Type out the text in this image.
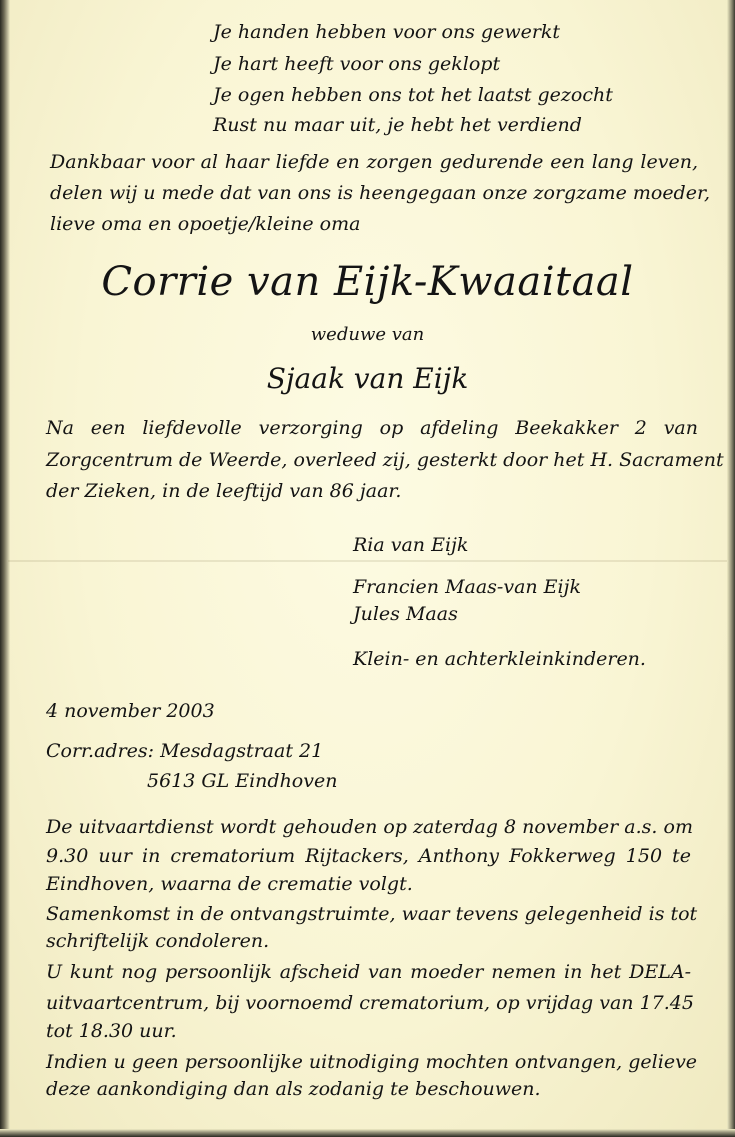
Je handen hebben voor ons gewerkt

Je hart heeft voor ons geklopt

Je ogen hebben ons tot het laatst gezocht

Rust nu maar uit, je hebt het verdiend

Dankbaar voor al haar liefde en zorgen gedurende een lang leven,

delen wij u mede dat van ons is heengegaan onze zorgzame moeder,

lieve oma en opoetje/kleine oma

Corrie van Eijk-Kwaaitaal

weduwe van

Sjaak van Eijk

Na een liefdevolle verzorging op afdeling Beekakker 2 van

Zorgcentrum de Weerde, overleed zij, gesterkt door het H. Sacrament

der Zieken, in de leeftijd van 86 jaar.

Ria van Eijk

Francien Maas-van Eijk

Jules Maas

Klein- en achterkleinkinderen.

4 november 2003

Corr.adres: Mesdagstraat 21

5613 GL Eindhoven

De uitvaartdienst wordt gehouden op zaterdag 8 november a.s. om

9.30 uur in crematorium Rijtackers, Anthony Fokkerweg 150 te

Eindhoven, waarna de crematie volgt.

Samenkomst in de ontvangstruimte, waar tevens gelegenheid is tot

schriftelijk condoleren.

U kunt nog persoonlijk afscheid van moeder nemen in het DELA-

uitvaartcentrum, bij voornoemd crematorium, op vrijdag van 17.45

tot 18.30 uur.

Indien u geen persoonlijke uitnodiging mochten ontvangen, gelieve

deze aankondiging dan als zodanig te beschouwen.
